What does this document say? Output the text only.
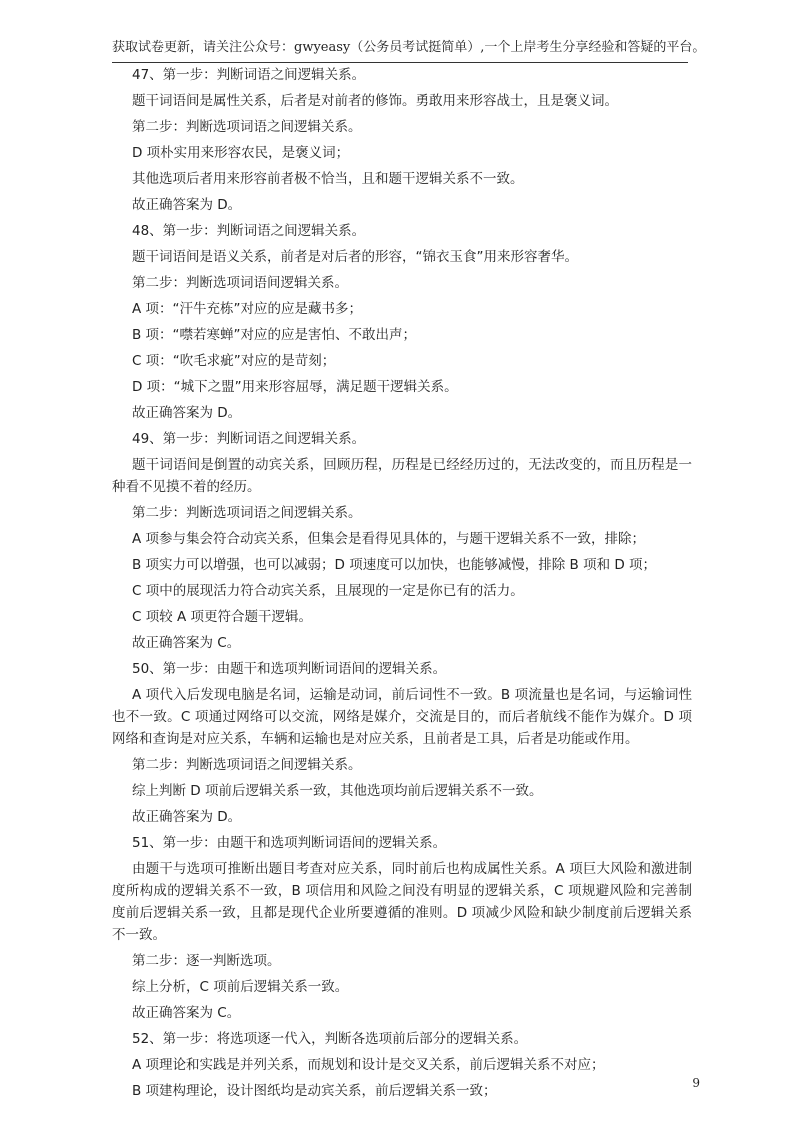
获取试卷更新，请关注公众号：gwyeasy（公务员考试挺简单）,一个上岸考生分享经验和答疑的平台。

47、第一步：判断词语之间逻辑关系。

题干词语间是属性关系，后者是对前者的修饰。勇敢用来形容战士，且是褒义词。

第二步：判断选项词语之间逻辑关系。

D 项朴实用来形容农民，是褒义词；

其他选项后者用来形容前者极不恰当，且和题干逻辑关系不一致。

故正确答案为 D。

48、第一步：判断词语之间逻辑关系。

题干词语间是语义关系，前者是对后者的形容，“锦衣玉食”用来形容奢华。

第二步：判断选项词语间逻辑关系。

A 项：“汗牛充栋”对应的应是藏书多；

B 项：“噤若寒蝉”对应的应是害怕、不敢出声；

C 项：“吹毛求疵”对应的是苛刻；

D 项：“城下之盟”用来形容屈辱，满足题干逻辑关系。

故正确答案为 D。

49、第一步：判断词语之间逻辑关系。

题干词语间是倒置的动宾关系，回顾历程，历程是已经经历过的，无法改变的，而且历程是一种看不见摸不着的经历。

第二步：判断选项词语之间逻辑关系。

A 项参与集会符合动宾关系，但集会是看得见具体的，与题干逻辑关系不一致，排除；

B 项实力可以增强，也可以减弱；D 项速度可以加快，也能够减慢，排除 B 项和 D 项；

C 项中的展现活力符合动宾关系，且展现的一定是你已有的活力。

C 项较 A 项更符合题干逻辑。

故正确答案为 C。

50、第一步：由题干和选项判断词语间的逻辑关系。

A 项代入后发现电脑是名词，运输是动词，前后词性不一致。B 项流量也是名词，与运输词性也不一致。C 项通过网络可以交流，网络是媒介，交流是目的，而后者航线不能作为媒介。D 项网络和查询是对应关系，车辆和运输也是对应关系，且前者是工具，后者是功能或作用。

第二步：判断选项词语之间逻辑关系。

综上判断 D 项前后逻辑关系一致，其他选项均前后逻辑关系不一致。

故正确答案为 D。

51、第一步：由题干和选项判断词语间的逻辑关系。

由题干与选项可推断出题目考查对应关系，同时前后也构成属性关系。A 项巨大风险和激进制度所构成的逻辑关系不一致，B 项信用和风险之间没有明显的逻辑关系，C 项规避风险和完善制度前后逻辑关系一致，且都是现代企业所要遵循的准则。D 项减少风险和缺少制度前后逻辑关系不一致。

第二步：逐一判断选项。

综上分析，C 项前后逻辑关系一致。

故正确答案为 C。

52、第一步：将选项逐一代入，判断各选项前后部分的逻辑关系。

A 项理论和实践是并列关系，而规划和设计是交叉关系，前后逻辑关系不对应；

B 项建构理论，设计图纸均是动宾关系，前后逻辑关系一致；	9
